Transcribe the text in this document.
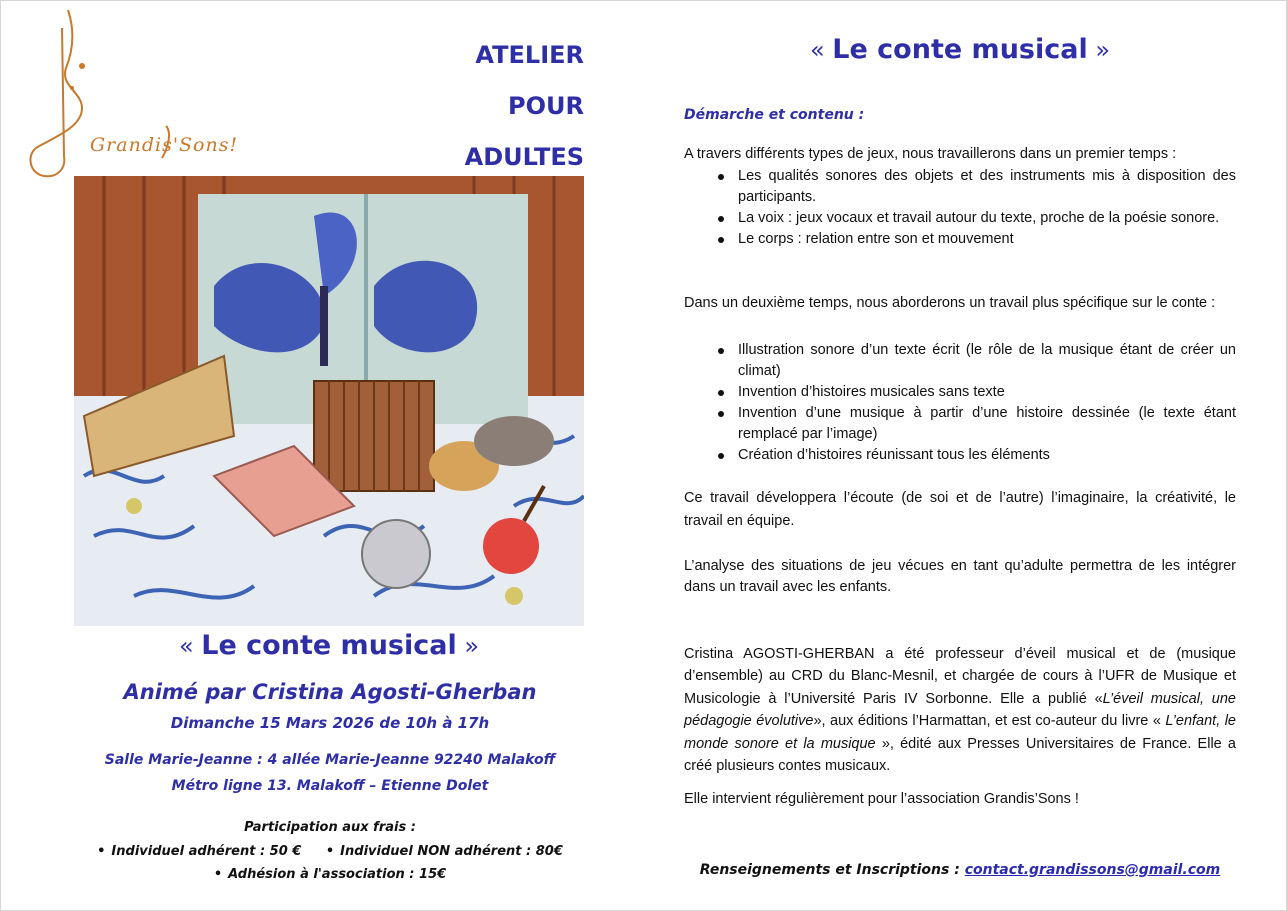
Grandis'Sons!
ATELIER
POUR
ADULTES
« Le conte musical »
Animé par Cristina Agosti-Gherban
Dimanche 15 Mars 2026 de 10h à 17h
Salle Marie-Jeanne : 4 allée Marie-Jeanne 92240 Malakoff
Métro ligne 13. Malakoff – Etienne Dolet
Participation aux frais :
• Individuel adhérent : 50 € • Individuel NON adhérent : 80€
• Adhésion à l'association : 15€
« Le conte musical »
Démarche et contenu :
A travers différents types de jeux, nous travaillerons dans un premier temps :
Les qualités sonores des objets et des instruments mis à disposition des participants.
La voix : jeux vocaux et travail autour du texte, proche de la poésie sonore.
Le corps : relation entre son et mouvement
Dans un deuxième temps, nous aborderons un travail plus spécifique sur le conte :
Illustration sonore d’un texte écrit (le rôle de la musique étant de créer un climat)
Invention d’histoires musicales sans texte
Invention d’une musique à partir d’une histoire dessinée (le texte étant remplacé par l’image)
Création d’histoires réunissant tous les éléments
Ce travail développera l’écoute (de soi et de l’autre) l’imaginaire, la créativité, le travail en équipe.
L’analyse des situations de jeu vécues en tant qu’adulte permettra de les intégrer dans un travail avec les enfants.
Cristina AGOSTI-GHERBAN a été professeur d’éveil musical et de (musique d’ensemble) au CRD du Blanc-Mesnil, et chargée de cours à l’UFR de Musique et Musicologie à l’Université Paris IV Sorbonne. Elle a publié «L’éveil musical, une pédagogie évolutive», aux éditions l’Harmattan, et est co-auteur du livre « L’enfant, le monde sonore et la musique », édité aux Presses Universitaires de France. Elle a créé plusieurs contes musicaux.
Elle intervient régulièrement pour l’association Grandis’Sons !
Renseignements et Inscriptions : contact.grandissons@gmail.com
